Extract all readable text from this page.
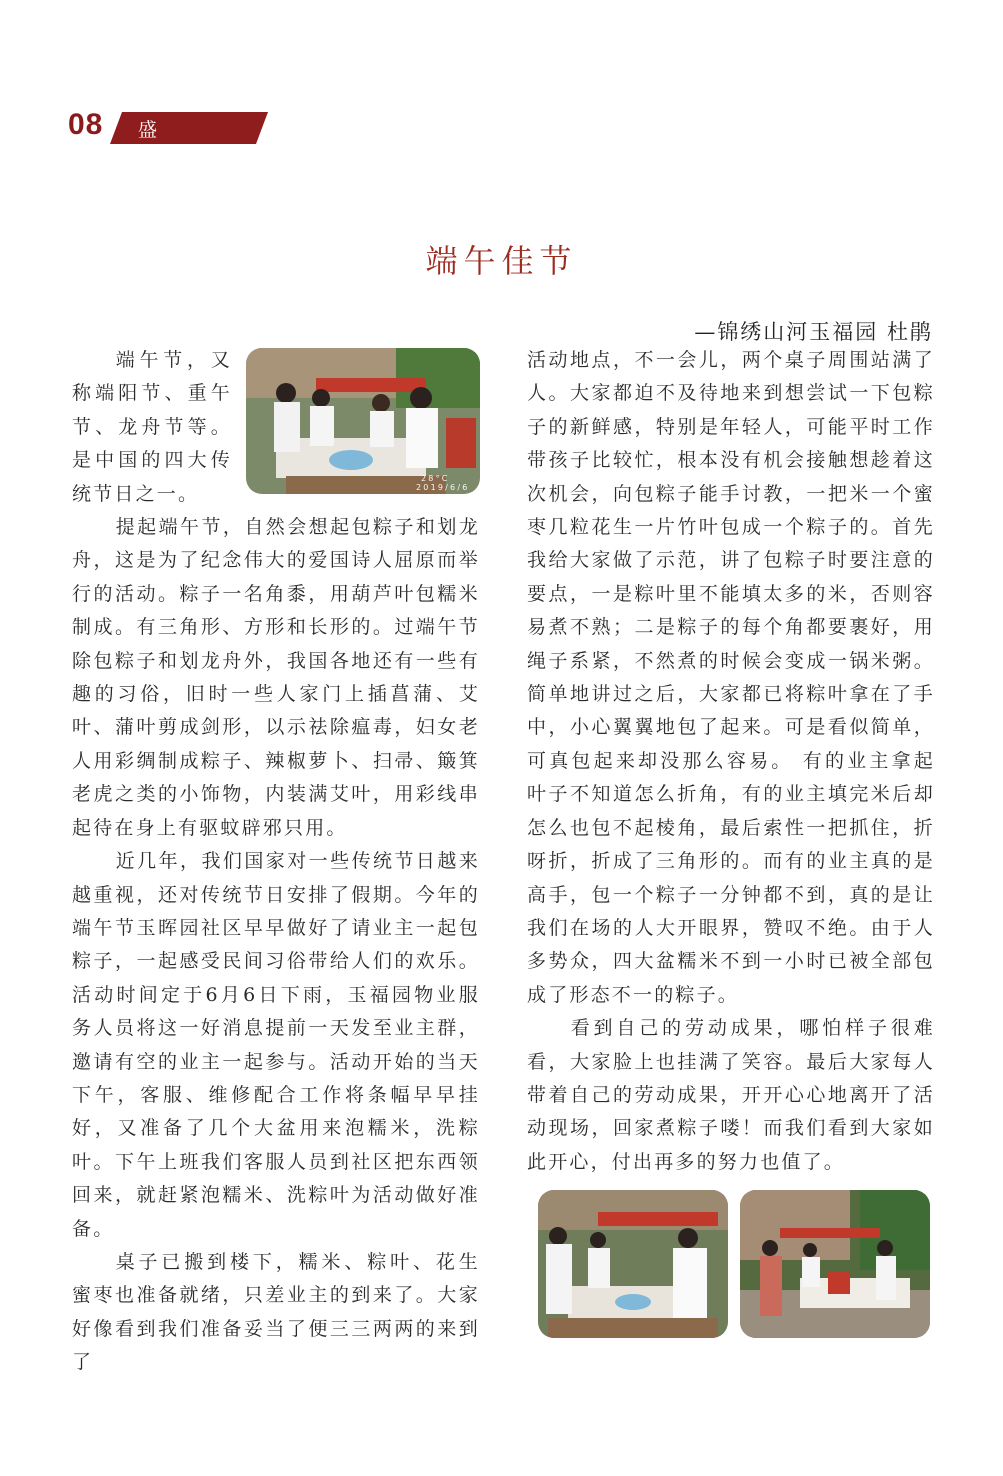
08 盛世物业
端午佳节
—锦绣山河玉福园 杜鹃
28°C
2019/6/6

端午节，又称端阳节、重午节、龙舟节等。是中国的四大传统节日之一。

提起端午节，自然会想起包粽子和划龙舟，这是为了纪念伟大的爱国诗人屈原而举行的活动。粽子一名角黍，用葫芦叶包糯米制成。有三角形、方形和长形的。过端午节除包粽子和划龙舟外，我国各地还有一些有趣的习俗，旧时一些人家门上插菖蒲、艾叶、蒲叶剪成剑形，以示祛除瘟毒，妇女老人用彩绸制成粽子、辣椒萝卜、扫帚、簸箕老虎之类的小饰物，内装满艾叶，用彩线串起待在身上有驱蚊辟邪只用。

近几年，我们国家对一些传统节日越来越重视，还对传统节日安排了假期。今年的端午节玉晖园社区早早做好了请业主一起包粽子，一起感受民间习俗带给人们的欢乐。活动时间定于6月6日下雨，玉福园物业服务人员将这一好消息提前一天发至业主群，邀请有空的业主一起参与。活动开始的当天下午，客服、维修配合工作将条幅早早挂好，又准备了几个大盆用来泡糯米，洗粽叶。下午上班我们客服人员到社区把东西领回来，就赶紧泡糯米、洗粽叶为活动做好准备。

桌子已搬到楼下，糯米、粽叶、花生 蜜枣也准备就绪，只差业主的到来了。大家好像看到我们准备妥当了便三三两两的来到了

活动地点，不一会儿，两个桌子周围站满了人。大家都迫不及待地来到想尝试一下包粽子的新鲜感，特别是年轻人，可能平时工作带孩子比较忙，根本没有机会接触想趁着这次机会，向包粽子能手讨教，一把米一个蜜枣几粒花生一片竹叶包成一个粽子的。首先我给大家做了示范，讲了包粽子时要注意的要点，一是粽叶里不能填太多的米，否则容易煮不熟；二是粽子的每个角都要裹好，用绳子系紧，不然煮的时候会变成一锅米粥。简单地讲过之后，大家都已将粽叶拿在了手中，小心翼翼地包了起来。可是看似简单，可真包起来却没那么容易。 有的业主拿起叶子不知道怎么折角，有的业主填完米后却怎么也包不起棱角，最后索性一把抓住，折呀折，折成了三角形的。而有的业主真的是高手，包一个粽子一分钟都不到，真的是让我们在场的人大开眼界，赞叹不绝。由于人多势众，四大盆糯米不到一小时已被全部包成了形态不一的粽子。

看到自己的劳动成果，哪怕样子很难看，大家脸上也挂满了笑容。最后大家每人带着自己的劳动成果，开开心心地离开了活动现场，回家煮粽子喽！而我们看到大家如此开心，付出再多的努力也值了。
